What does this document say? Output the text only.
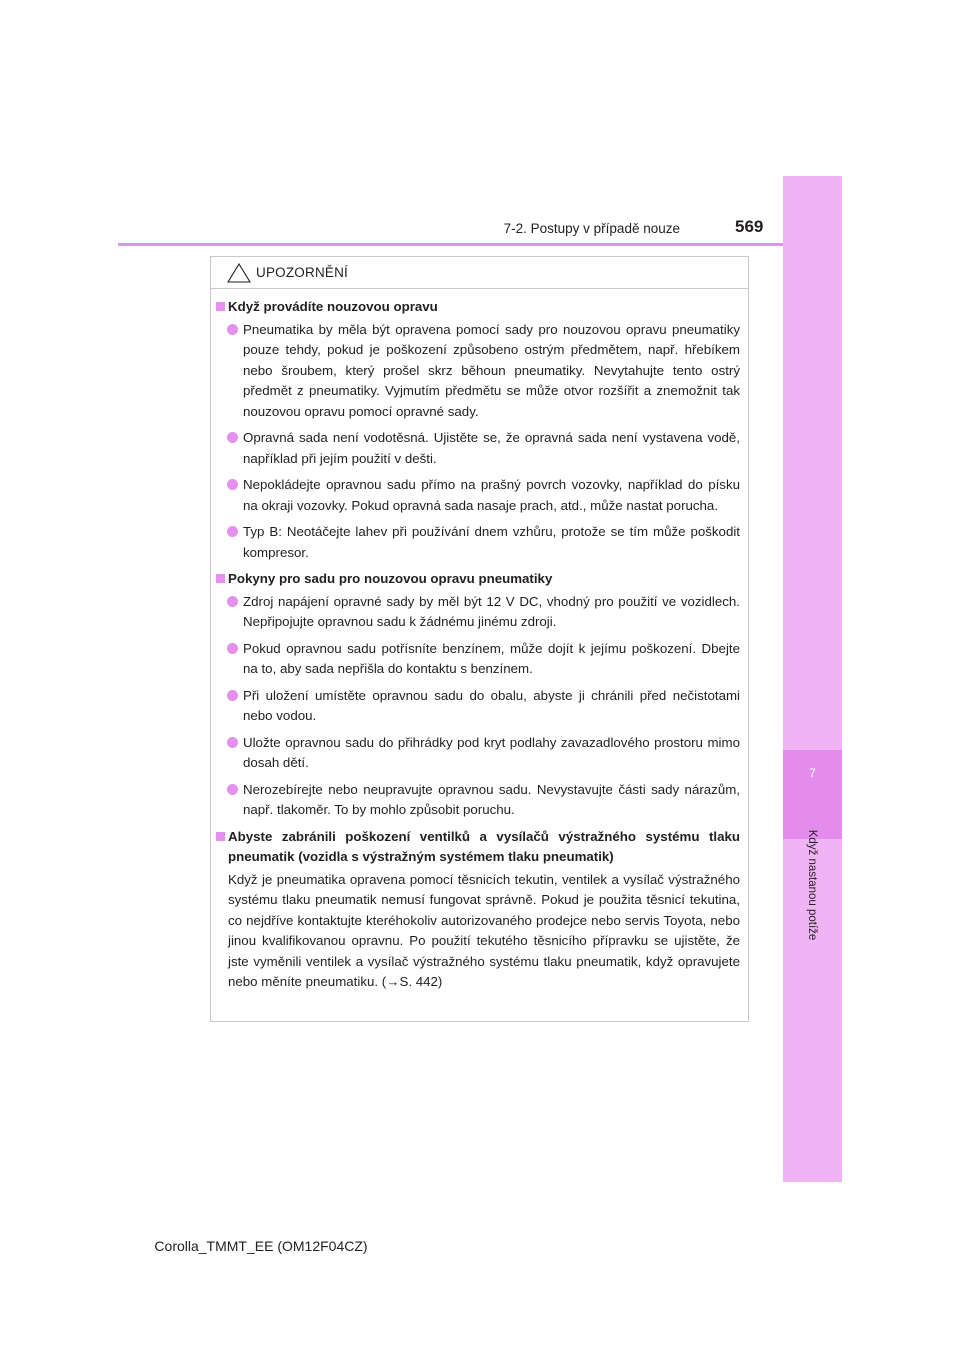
7
Když nastanou potíže
7-2. Postupy v případě nouze	569
UPOZORNĚNÍ
Když provádíte nouzovou opravu
Pneumatika by měla být opravena pomocí sady pro nouzovou opravu pneumatiky pouze tehdy, pokud je poškození způsobeno ostrým předmětem, např. hřebíkem nebo šroubem, který prošel skrz běhoun pneumatiky. Nevytahujte tento ostrý předmět z pneumatiky. Vyjmutím předmětu se může otvor rozšířit a znemožnit tak nouzovou opravu pomocí opravné sady.
Opravná sada není vodotěsná. Ujistěte se, že opravná sada není vystavena vodě, například při jejím použití v dešti.
Nepokládejte opravnou sadu přímo na prašný povrch vozovky, například do písku na okraji vozovky. Pokud opravná sada nasaje prach, atd., může nastat porucha.
Typ B: Neotáčejte lahev při používání dnem vzhůru, protože se tím může poškodit kompresor.
Pokyny pro sadu pro nouzovou opravu pneumatiky
Zdroj napájení opravné sady by měl být 12 V DC, vhodný pro použití ve vozidlech. Nepřipojujte opravnou sadu k žádnému jinému zdroji.
Pokud opravnou sadu potřísníte benzínem, může dojít k jejímu poškození. Dbejte na to, aby sada nepřišla do kontaktu s benzínem.
Při uložení umístěte opravnou sadu do obalu, abyste ji chránili před nečistotami nebo vodou.
Uložte opravnou sadu do přihrádky pod kryt podlahy zavazadlového prostoru mimo dosah dětí.
Nerozebírejte nebo neupravujte opravnou sadu. Nevystavujte části sady nárazům, např. tlakoměr. To by mohlo způsobit poruchu.
Abyste zabránili poškození ventilků a vysílačů výstražného systému tlaku pneumatik (vozidla s výstražným systémem tlaku pneumatik)
Když je pneumatika opravena pomocí těsnicích tekutin, ventilek a vysílač výstražného systému tlaku pneumatik nemusí fungovat správně. Pokud je použita těsnicí tekutina, co nejdříve kontaktujte kteréhokoliv autorizovaného prodejce nebo servis Toyota, nebo jinou kvalifikovanou opravnu. Po použití tekutého těsnicího přípravku se ujistěte, že jste vyměnili ventilek a vysílač výstražného systému tlaku pneumatik, když opravujete nebo měníte pneumatiku. (→S. 442)
Corolla_TMMT_EE (OM12F04CZ)
